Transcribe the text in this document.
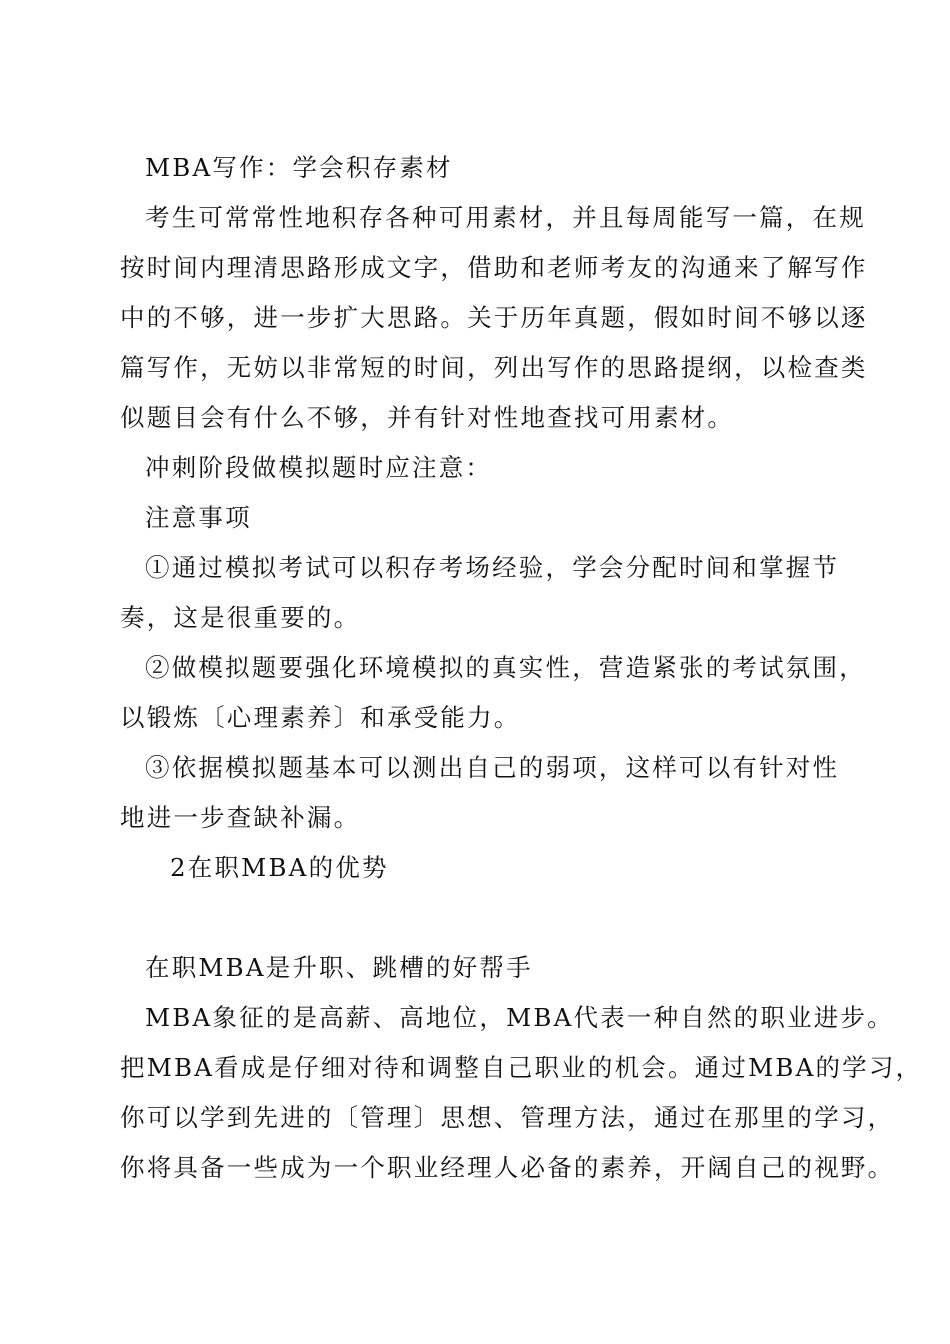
MBA写作：学会积存素材

考生可常常性地积存各种可用素材，并且每周能写一篇，在规

按时间内理清思路形成文字，借助和老师考友的沟通来了解写作

中的不够，进一步扩大思路。关于历年真题，假如时间不够以逐

篇写作，无妨以非常短的时间，列出写作的思路提纲，以检查类

似题目会有什么不够，并有针对性地查找可用素材。

冲刺阶段做模拟题时应注意：

注意事项

①通过模拟考试可以积存考场经验，学会分配时间和掌握节

奏，这是很重要的。

②做模拟题要强化环境模拟的真实性，营造紧张的考试氛围，

以锻炼〔心理素养〕和承受能力。

③依据模拟题基本可以测出自己的弱项，这样可以有针对性

地进一步查缺补漏。

2在职MBA的优势

在职MBA是升职、跳槽的好帮手

MBA象征的是高薪、高地位，MBA代表一种自然的职业进步。

把MBA看成是仔细对待和调整自己职业的机会。通过MBA的学习，

你可以学到先进的〔管理〕思想、管理方法，通过在那里的学习，

你将具备一些成为一个职业经理人必备的素养，开阔自己的视野。
